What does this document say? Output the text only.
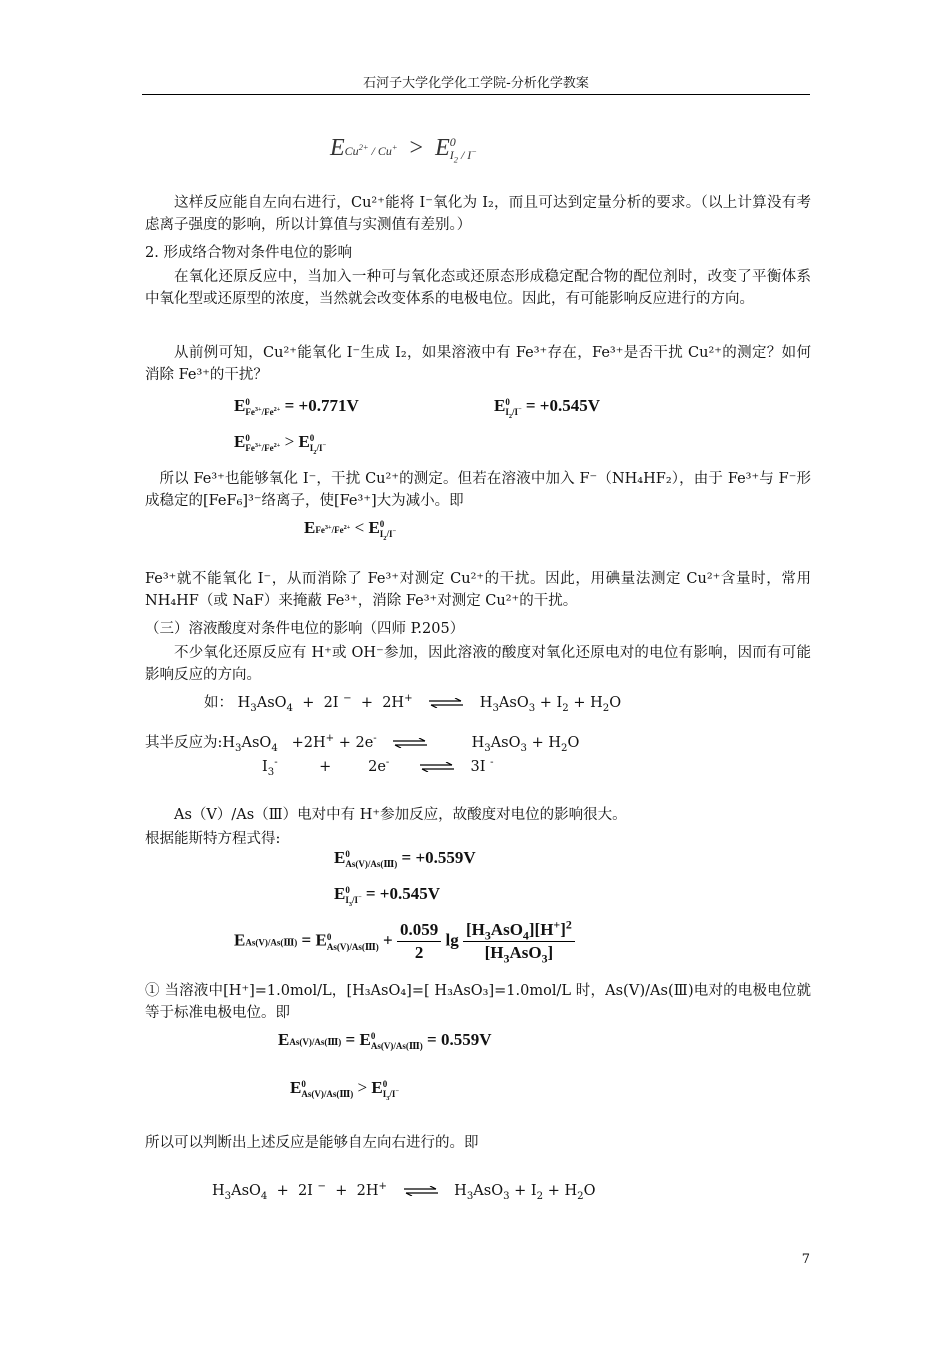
石河子大学化学化工学院-分析化学教案
ECu$^{2+}$ / Cu+ > E 0
$I_2 / I^-$
这样反应能自左向右进行，Cu²⁺能将 I⁻氧化为 I₂，而且可达到定量分析的要求。（以上计算没有考虑离子强度的影响，所以计算值与实测值有差别。）
2. 形成络合物对条件电位的影响
在氧化还原反应中，当加入一种可与氧化态或还原态形成稳定配合物的配位剂时，改变了平衡体系中氧化型或还原型的浓度，当然就会改变体系的电极电位。因此，有可能影响反应进行的方向。
从前例可知，Cu²⁺能氧化 I⁻生成 I₂，如果溶液中有 Fe³⁺存在，Fe³⁺是否干扰 Cu²⁺的测定？如何消除 Fe³⁺的干扰？
E 0
$Fe^{3+}/Fe^{2+} = +0.771V$	E 0
$I_2/I^- = +0.545V$
E 0
$Fe^{3+}/Fe^{2+} > E$ 0
$I_2/I^-$
所以 Fe³⁺也能够氧化 I⁻，干扰 Cu²⁺的测定。但若在溶液中加入 F⁻（NH₄HF₂），由于 Fe³⁺与 F⁻形成稳定的[FeF₆]³⁻络离子，使[Fe³⁺]大为减小。即
$EFe^{3+}/Fe^{2+} < E$ 0
$I_2/I^-$
Fe³⁺就不能氧化 I⁻，从而消除了 Fe³⁺对测定 Cu²⁺的干扰。因此，用碘量法测定 Cu²⁺含量时，常用 NH₄HF（或 NaF）来掩蔽 Fe³⁺，消除 Fe³⁺对测定 Cu²⁺的干扰。
（三）溶液酸度对条件电位的影响（四师 P.205）
不少氧化还原反应有 H⁺或 OH⁻参加，因此溶液的酸度对氧化还原电对的电位有影响，因而有可能影响反应的方向。
如： $H_3AsO_4 + 2I$ −  +  2H+ ⇌ $H_3AsO_3 + I_2 + H_2O$
其半反应为$:H_3AsO_4 +2H^+ + 2e^-$ ⇌ $H_3AsO_3 + H_2O$
$I_3^-$         +        2e- ⇌ 3I -
As（Ⅴ）/As（Ⅲ）电对中有 H⁺参加反应，故酸度对电位的影响很大。
根据能斯特方程式得:
E 0
As(V)/As(Ⅲ) = +0.559V
E 0
$I_3/I^- = +0.545V$
EAs(V)/As(Ⅲ) = E 0
As(V)/As(Ⅲ) + $\frac{0.059}{2}$ $\lg \frac{[H_3AsO_4][H^+]^2}{[H_3AsO_3]}$
① 当溶液中[H⁺]=1.0mol/L，[H₃AsO₄]=[ H₃AsO₃]=1.0mol/L 时，As(Ⅴ)/As(Ⅲ)电对的电极电位就等于标准电极电位。即
EAs(V)/As(Ⅲ) = E 0
As(V)/As(Ⅲ) = 0.559V
E 0
As(V)/As(Ⅲ) > E 0
$I_3/I^-$
所以可以判断出上述反应是能够自左向右进行的。即
$H_3AsO_4 + 2I$ −  +  2H+ ⇌ $H_3AsO_3 + I_2 + H_2O$
7
